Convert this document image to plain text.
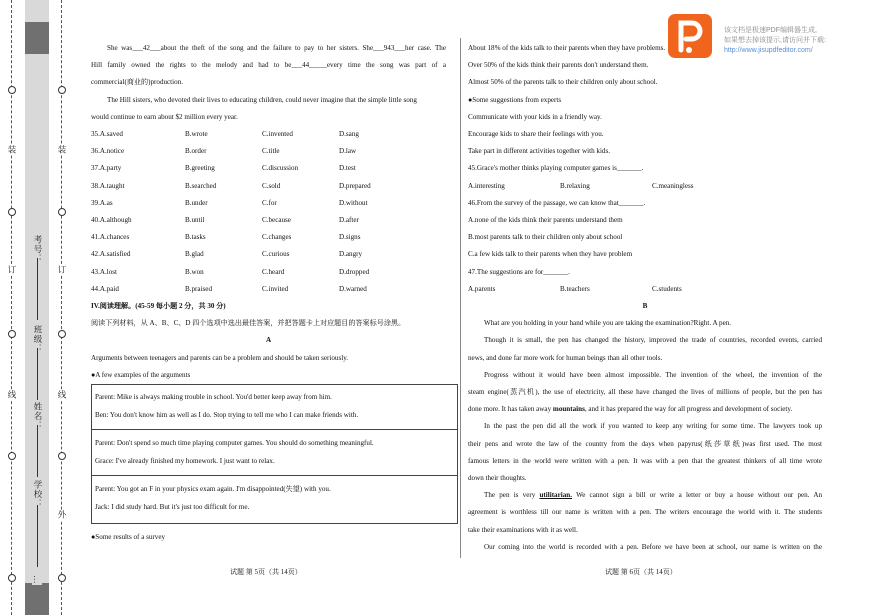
装
订
线
装
订
线
外
学校：
姓名：
班级：
考号：
…
该文档是极速PDF编辑器生成,
如果想去掉该提示,请访问并下载:
http://www.jisupdfeditor.com/

She was___42___about the theft of the song and the failure to pay to her sisters. She___943___her case. The

Hill family owned the rights to the melody and had to be___44_____every time the song was part of a

commercial(商业的)production.

The Hill sisters, who devoted their lives to educating children, could never imagine that the simple little song

would continue to earn about $2 million every year.

35.A.saved	B.wrote	C.invented	D.sang
36.A.notice	B.order	C.title	D.law
37.A.party	B.greeting	C.discussion	D.test
38.A.taught	B.searched	C.sold	D.prepared
39.A.as	B.under	C.for	D.without
40.A.although	B.until	C.because	D.after
41.A.chances	B.tasks	C.changes	D.signs
42.A.satisfied	B.glad	C.curious	D.angry
43.A.lost	B.won	C.heard	D.dropped
44.A.paid	B.praised	C.invited	D.warned

IV.阅读理解。(45-59 每小题 2 分，共 30 分)

阅读下列材料，从 A、B、C、D 四个选项中选出最佳答案，并把答题卡上对应题目的答案标号涂黑。

A

Arguments between teenagers and parents can be a problem and should be taken seriously.

●A few examples of the arguments

Parent: Mike is always making trouble in school. You'd better keep away from him.
Ben: You don't know him as well as I do. Stop trying to tell me who I can make friends with.
Parent: Don't spend so much time playing computer games. You should do something meaningful.
Grace: I've already finished my homework. I just want to relax.
Parent: You got an F in your physics exam again. I'm disappointed(失望) with you.
Jack: I did study hard. But it's just too difficult for me.
●Some results of a survey
试题 第 5页（共 14页）

About 18% of the kids talk to their parents when they have problems.

Over 50% of the kids think their parents don't understand them.

Almost 50% of the parents talk to their children only about school.

●Some suggestions from experts

Communicate with your kids in a friendly way.

Encourage kids to share their feelings with you.

Take part in different activities together with kids.

45.Grace's mother thinks playing computer games is_______.

A.interesting	B.relaxing	C.meaningless

46.From the survey of the passage, we can know that_______.

A.none of the kids think their parents understand them

B.most parents talk to their children only about school

C.a few kids talk to their parents when they have problem

47.The suggestions are for_______.

A.parents	B.teachers	C.students

B

What are you holding in your hand while you are taking the examination?Right. A pen.

Though it is small, the pen has changed the history, improved the trade of countries, recorded events, carried

news, and done far more work for human beings than all other tools.

Progress without it would have been almost impossible. The invention of the wheel, the invention of the

steam engine(蒸汽机), the use of electricity, all these have changed the lives of millions of people, but the pen has

done more. It has taken away mountains, and it has prepared the way for all progress and development of society.

In the past the pen did all the work if you wanted to keep any writing for some time. The lawyers took up

their pens and wrote the law of the country from the days when papyrus(纸莎草纸)was first used. The most

famous letters in the world were written with a pen. It was with a pen that the greatest thinkers of all time wrote

down their thoughts.

The pen is very utilitarian. We cannot sign a bill or write a letter or buy a house without our pen. An

agreement is worthless till our name is written with a pen. The writers encourage the world with it. The students

take their examinations with it as well.

Our coming into the world is recorded with a pen. Before we have been at school, our name is written on the

试题 第 6页（共 14页）
